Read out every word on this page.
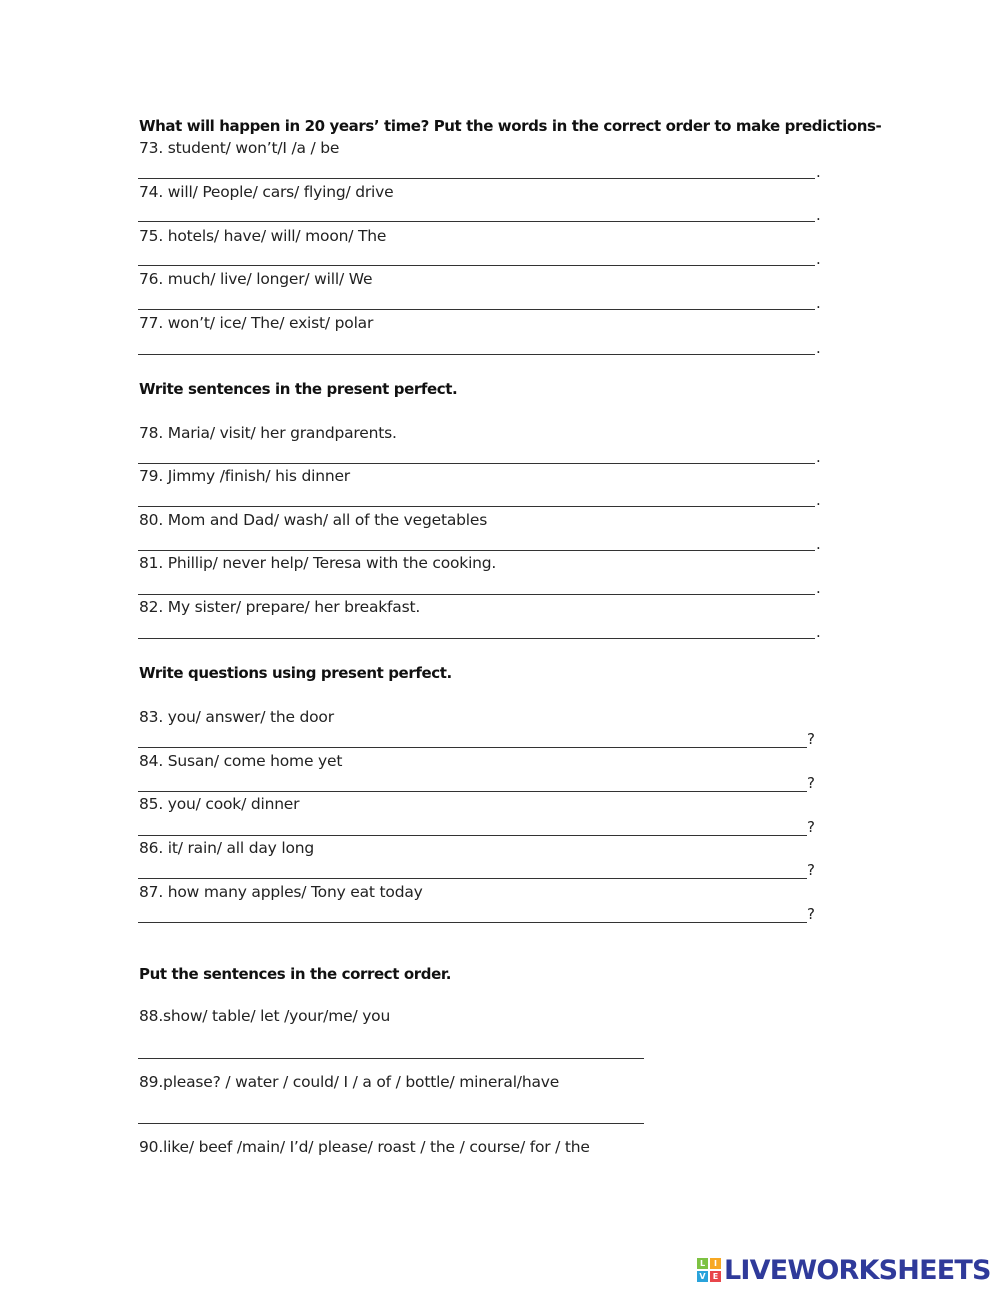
What will happen in 20 years’ time? Put the words in the correct order to make predictions-

73. student/ won’t/I /a / be

.

74. will/ People/ cars/ flying/ drive

.

75. hotels/ have/ will/ moon/ The

.

76. much/ live/ longer/ will/ We

.

77. won’t/ ice/ The/ exist/ polar

.

Write sentences in the present perfect.

78. Maria/ visit/ her grandparents.

.

79. Jimmy /finish/ his dinner

.

80. Mom and Dad/ wash/ all of the vegetables

.

81. Phillip/ never help/ Teresa with the cooking.

.

82. My sister/ prepare/ her breakfast.

.

Write questions using present perfect.

83. you/ answer/ the door

?

84. Susan/ come home yet

?

85. you/ cook/ dinner

?

86. it/ rain/ all day long

?

87. how many apples/ Tony eat today

?

Put the sentences in the correct order.

88.show/ table/ let /your/me/ you

89.please? / water / could/ I / a of / bottle/ mineral/have

90.like/ beef /main/ I’d/ please/ roast / the / course/ for / the

L	I
V E LIVEWORKSHEETS
